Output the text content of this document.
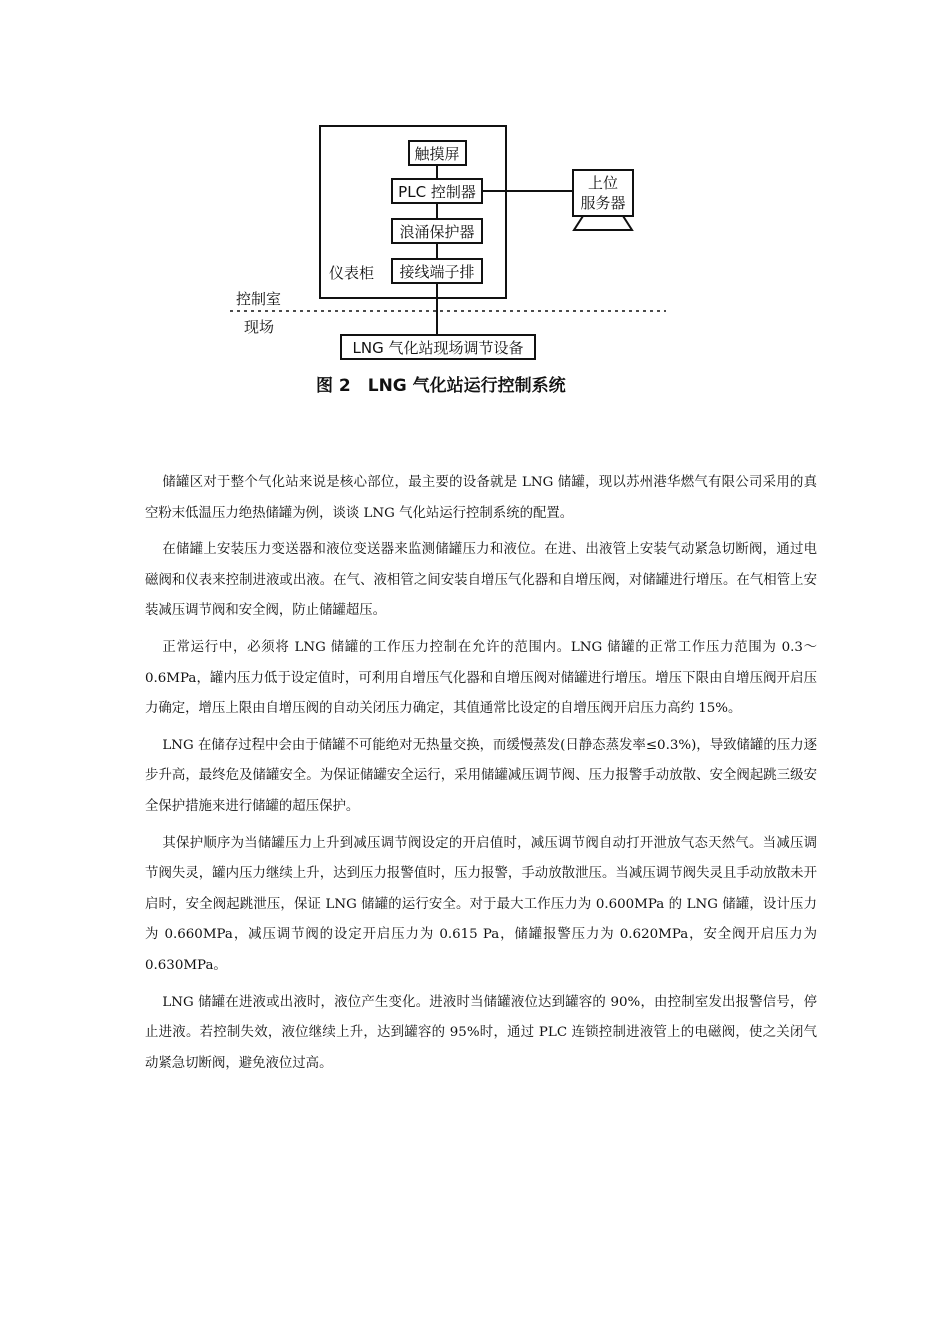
触摸屏
PLC 控制器
浪涌保护器
接线端子排
仪表柜
上位
服务器
控制室
现场
LNG 气化站现场调节设备
图 2　LNG 气化站运行控制系统

储罐区对于整个气化站来说是核心部位，最主要的设备就是 LNG 储罐，现以苏州港华燃气有限公司采用的真空粉末低温压力绝热储罐为例，谈谈 LNG 气化站运行控制系统的配置。

在储罐上安装压力变送器和液位变送器来监测储罐压力和液位。在进、出液管上安装气动紧急切断阀，通过电磁阀和仪表来控制进液或出液。在气、液相管之间安装自增压气化器和自增压阀，对储罐进行增压。在气相管上安装减压调节阀和安全阀，防止储罐超压。

正常运行中，必须将 LNG 储罐的工作压力控制在允许的范围内。LNG 储罐的正常工作压力范围为 0.3～0.6MPa，罐内压力低于设定值时，可利用自增压气化器和自增压阀对储罐进行增压。增压下限由自增压阀开启压力确定，增压上限由自增压阀的自动关闭压力确定，其值通常比设定的自增压阀开启压力高约 15%。

LNG 在储存过程中会由于储罐不可能绝对无热量交换，而缓慢蒸发(日静态蒸发率≤0.3%)，导致储罐的压力逐步升高，最终危及储罐安全。为保证储罐安全运行，采用储罐减压调节阀、压力报警手动放散、安全阀起跳三级安全保护措施来进行储罐的超压保护。

其保护顺序为当储罐压力上升到减压调节阀设定的开启值时，减压调节阀自动打开泄放气态天然气。当减压调节阀失灵，罐内压力继续上升，达到压力报警值时，压力报警，手动放散泄压。当减压调节阀失灵且手动放散未开启时，安全阀起跳泄压，保证 LNG 储罐的运行安全。对于最大工作压力为 0.600MPa 的 LNG 储罐，设计压力为 0.660MPa，减压调节阀的设定开启压力为 0.615 Pa，储罐报警压力为 0.620MPa，安全阀开启压力为 0.630MPa。

LNG 储罐在进液或出液时，液位产生变化。进液时当储罐液位达到罐容的 90%，由控制室发出报警信号，停止进液。若控制失效，液位继续上升，达到罐容的 95%时，通过 PLC 连锁控制进液管上的电磁阀，使之关闭气动紧急切断阀，避免液位过高。
